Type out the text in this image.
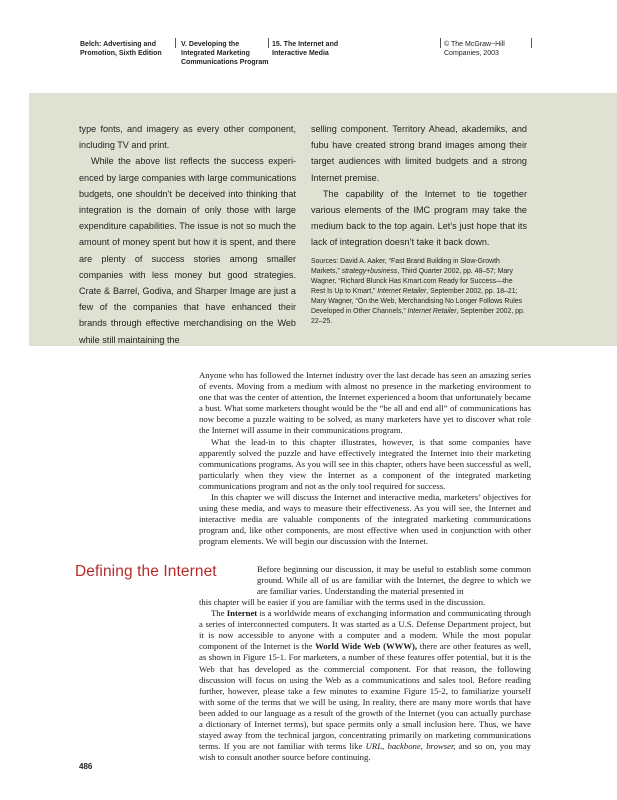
Belch: Advertising and Promotion, Sixth Edition
V. Developing the Integrated Marketing Communications Program
15. The Internet and Interactive Media
© The McGraw−Hill Companies, 2003

type fonts, and imagery as every other component, including TV and print.

While the above list reflects the success experienced by large companies with large communications budgets, one shouldn’t be deceived into thinking that integration is the domain of only those with large expenditure capabilities. The issue is not so much the amount of money spent but how it is spent, and there are plenty of success stories among smaller companies with less money but good strategies. Crate & Barrel, Godiva, and Sharper Image are just a few of the companies that have enhanced their brands through effective merchandising on the Web while still maintaining the

selling component. Territory Ahead, akademiks, and fubu have created strong brand images among their target audiences with limited budgets and a strong Internet premise.

The capability of the Internet to tie together various elements of the IMC program may take the medium back to the top again. Let’s just hope that its lack of integration doesn’t take it back down.

Sources: David A. Aaker, “Fast Brand Building in Slow-Growth Markets,” strategy+business, Third Quarter 2002, pp. 48–57; Mary Wagner, “Richard Blunck Has Kmart.com Ready for Success—the Rest Is Up to Kmart,” Internet Retailer, September 2002, pp. 18–21; Mary Wagner, “On the Web, Merchandising No Longer Follows Rules Developed in Other Channels,” Internet Retailer, September 2002, pp. 22–25.

Anyone who has followed the Internet industry over the last decade has seen an amazing series of events. Moving from a medium with almost no presence in the marketing environment to one that was the center of attention, the Internet experienced a boom that unfortunately became a bust. What some marketers thought would be the “be all and end all” of communications has now become a puzzle waiting to be solved, as many marketers have yet to discover what role the Internet will assume in their communications program.

What the lead-in to this chapter illustrates, however, is that some companies have apparently solved the puzzle and have effectively integrated the Internet into their marketing communications programs. As you will see in this chapter, others have been successful as well, particularly when they view the Internet as a component of the integrated marketing communications program and not as the only tool required for success.

In this chapter we will discuss the Internet and interactive media, marketers’ objectives for using these media, and ways to measure their effectiveness. As you will see, the Internet and interactive media are valuable components of the integrated marketing communications program and, like other components, are most effective when used in conjunction with other program elements. We will begin our discussion with the Internet.

Defining the Internet	Before beginning our discussion, it may be useful to establish some common ground. While all of us are familiar with the Internet, the degree to which we are familiar varies. Understanding the material presented in

this chapter will be easier if you are familiar with the terms used in the discussion.

The Internet is a worldwide means of exchanging information and communicating through a series of interconnected computers. It was started as a U.S. Defense Department project, but it is now accessible to anyone with a computer and a modem. While the most popular component of the Internet is the World Wide Web (WWW), there are other features as well, as shown in Figure 15-1. For marketers, a number of these features offer potential, but it is the Web that has developed as the commercial component. For that reason, the following discussion will focus on using the Web as a communications and sales tool. Before reading further, however, please take a few minutes to examine Figure 15-2, to familiarize yourself with some of the terms that we will be using. In reality, there are many more words that have been added to our language as a result of the growth of the Internet (you can actually purchase a dictionary of Internet terms), but space permits only a small inclusion here. Thus, we have stayed away from the technical jargon, concentrating primarily on marketing communications terms. If you are not familiar with terms like URL, backbone, browser, and so on, you may wish to consult another source before continuing.

486
